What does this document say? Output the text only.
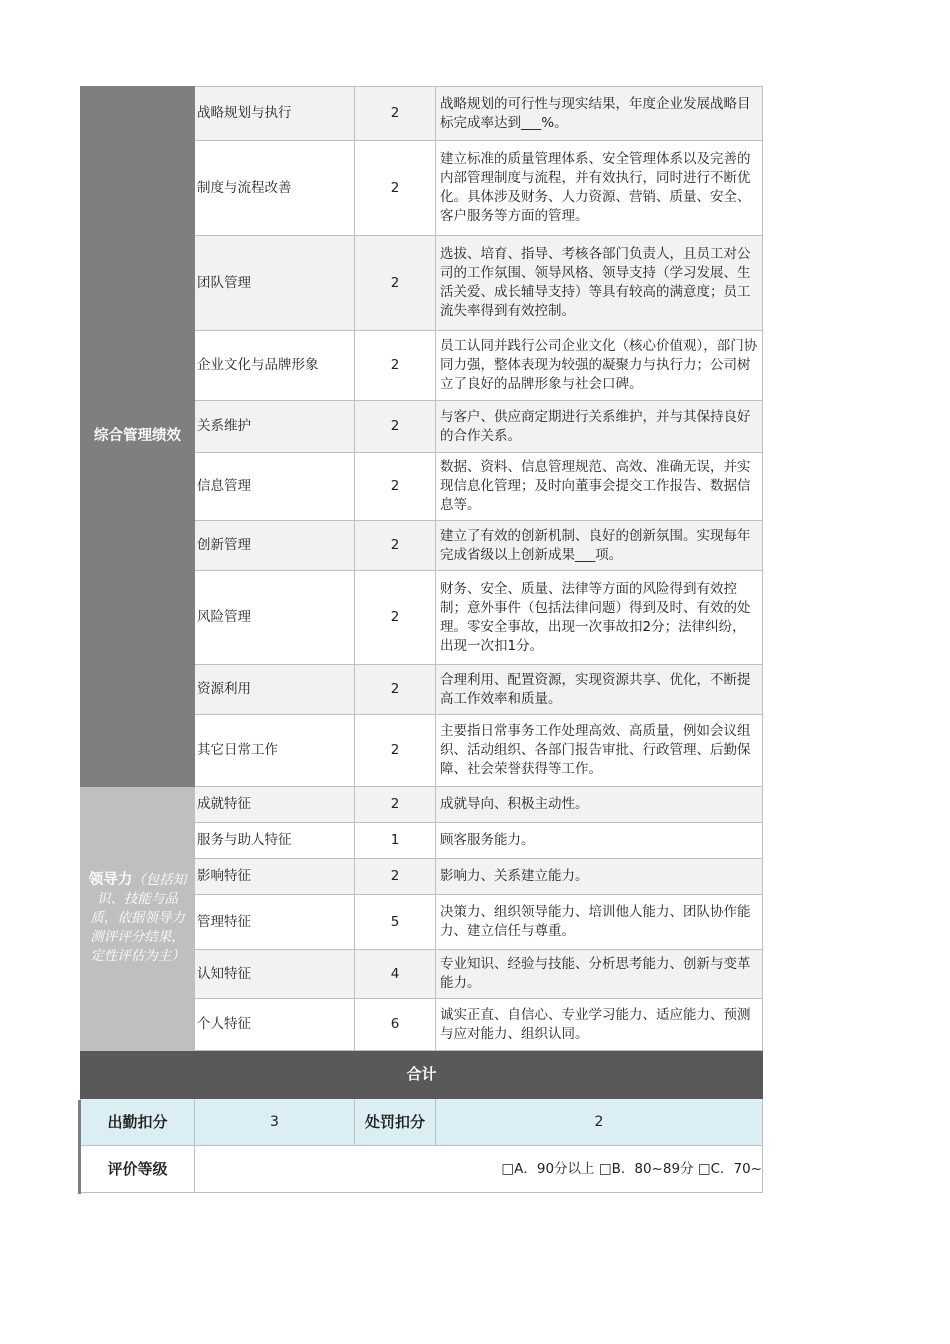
综合管理绩效	战略规划与执行	2	战略规划的可行性与现实结果，年度企业发展战略目标完成率达到___%。
	制度与流程改善	2	建立标准的质量管理体系、安全管理体系以及完善的内部管理制度与流程，并有效执行，同时进行不断优化。具体涉及财务、人力资源、营销、质量、安全、客户服务等方面的管理。
	团队管理	2	选拔、培育、指导、考核各部门负责人，且员工对公司的工作氛围、领导风格、领导支持（学习发展、生活关爱、成长辅导支持）等具有较高的满意度；员工流失率得到有效控制。
	企业文化与品牌形象	2	员工认同并践行公司企业文化（核心价值观），部门协同力强，整体表现为较强的凝聚力与执行力；公司树立了良好的品牌形象与社会口碑。
	关系维护	2	与客户、供应商定期进行关系维护，并与其保持良好的合作关系。
	信息管理	2	数据、资料、信息管理规范、高效、准确无误，并实现信息化管理；及时向董事会提交工作报告、数据信息等。
	创新管理	2	建立了有效的创新机制、良好的创新氛围。实现每年完成省级以上创新成果___项。
	风险管理	2	财务、安全、质量、法律等方面的风险得到有效控制；意外事件（包括法律问题）得到及时、有效的处理。零安全事故，出现一次事故扣2分；法律纠纷，出现一次扣1分。
	资源利用	2	合理利用、配置资源，实现资源共享、优化，不断提高工作效率和质量。
	其它日常工作	2	主要指日常事务工作处理高效、高质量，例如会议组织、活动组织、各部门报告审批、行政管理、后勤保障、社会荣誉获得等工作。
领导力（包括知识、技能与品质，依据领导力测评评分结果，定性评估为主）	成就特征	2	成就导向、积极主动性。
	服务与助人特征	1	顾客服务能力。
	影响特征	2	影响力、关系建立能力。
	管理特征	5	决策力、组织领导能力、培训他人能力、团队协作能力、建立信任与尊重。
	认知特征	4	专业知识、经验与技能、分析思考能力、创新与变革能力。
	个人特征	6	诚实正直、自信心、专业学习能力、适应能力、预测与应对能力、组织认同。
合计			
出勤扣分	3	处罚扣分	2
评价等级	□A．90分以上 □B．80~89分 □C．70~		
